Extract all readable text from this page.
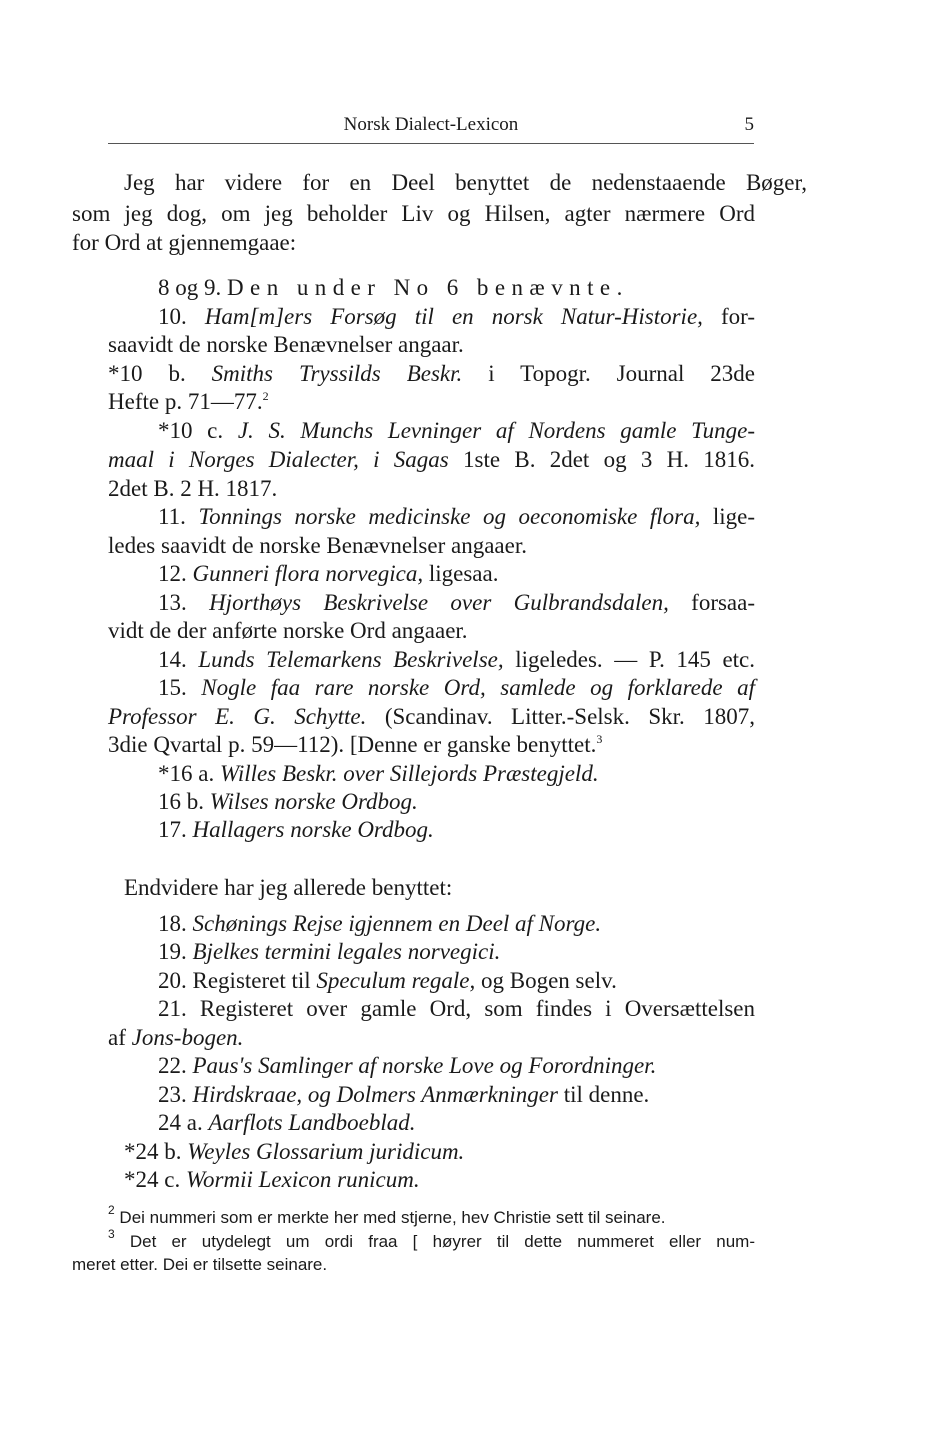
Norsk Dialect-Lexicon	5
Jeg har videre for en Deel benyttet de nedenstaaende Bøger,
som jeg dog, om jeg beholder Liv og Hilsen, agter nærmere Ord
for Ord at gjennemgaae:
8 og 9. Den under No 6 benævnte.
10. Ham[m]ers Forsøg til en norsk Natur-Historie, for-
saavidt de norske Benævnelser angaar.
*10 b. Smiths Tryssilds Beskr. i Topogr. Journal 23de
Hefte p. 71—77.$^2$
*10 c. J. S. Munchs Levninger af Nordens gamle Tunge-
maal i Norges Dialecter, i Sagas 1ste B. 2det og 3 H. 1816.
2det B. 2 H. 1817.
11. Tonnings norske medicinske og oeconomiske flora, lige-
ledes saavidt de norske Benævnelser angaaer.
12. Gunneri flora norvegica, ligesaa.
13. Hjorthøys Beskrivelse over Gulbrandsdalen, forsaa-
vidt de der anførte norske Ord angaaer.
14. Lunds Telemarkens Beskrivelse, ligeledes. — P. 145 etc.
15. Nogle faa rare norske Ord, samlede og forklarede af
Professor E. G. Schytte. (Scandinav. Litter.-Selsk. Skr. 1807,
3die Qvartal p. 59—112). [Denne er ganske benyttet.$^3$
*16 a. Willes Beskr. over Sillejords Præstegjeld.
16 b. Wilses norske Ordbog.
17. Hallagers norske Ordbog.
Endvidere har jeg allerede benyttet:
18. Schønings Rejse igjennem en Deel af Norge.
19. Bjelkes termini legales norvegici.
20. Registeret til Speculum regale, og Bogen selv.
21. Registeret over gamle Ord, som findes i Oversættelsen
af Jons-bogen.
22. Paus's Samlinger af norske Love og Forordninger.
23. Hirdskraae, og Dolmers Anmærkninger til denne.
24 a. Aarflots Landboeblad.
*24 b. Weyles Glossarium juridicum.
*24 c. Wormii Lexicon runicum.
$^2$ Dei nummeri som er merkte her med stjerne, hev Christie sett til seinare.
$^3$ Det er utydelegt um ordi fraa [ høyrer til dette nummeret eller num-
meret etter. Dei er tilsette seinare.
